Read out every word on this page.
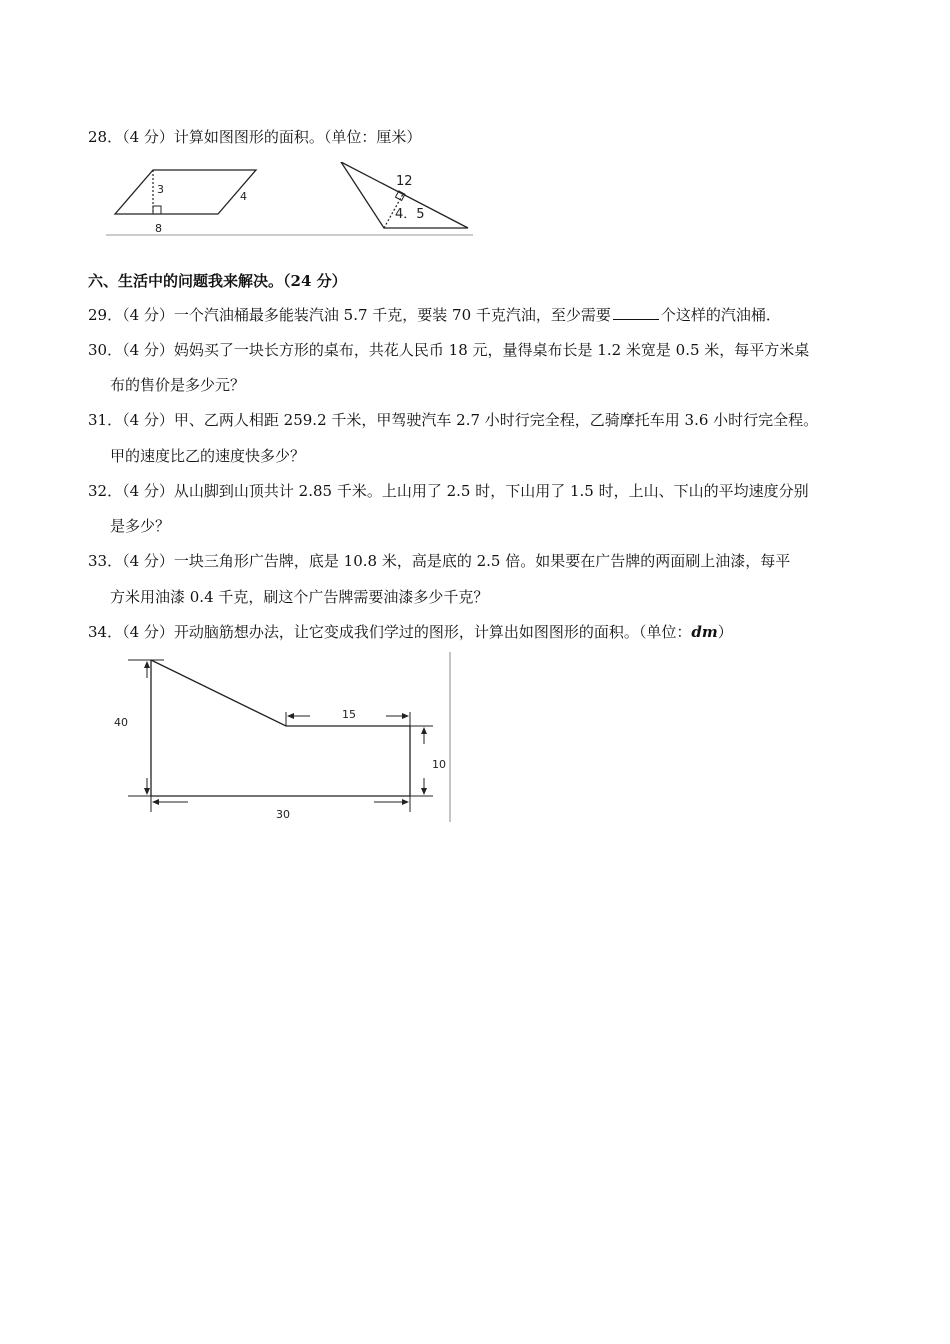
28．（4 分）计算如图图形的面积。（单位：厘米）
3
4
8
12
4．5
六、生活中的问题我来解决。（24 分）
29．（4 分）一个汽油桶最多能装汽油 5.7 千克，要装 70 千克汽油，至少需要	个这样的汽油桶．
30．（4 分）妈妈买了一块长方形的桌布，共花人民币 18 元，量得桌布长是 1.2 米宽是 0.5 米，每平方米桌
布的售价是多少元？
31．（4 分）甲、乙两人相距 259.2 千米，甲驾驶汽车 2.7 小时行完全程，乙骑摩托车用 3.6 小时行完全程。
甲的速度比乙的速度快多少？
32．（4 分）从山脚到山顶共计 2.85 千米。上山用了 2.5 时，下山用了 1.5 时，上山、下山的平均速度分别
是多少？
33．（4 分）一块三角形广告牌，底是 10.8 米，高是底的 2.5 倍。如果要在广告牌的两面刷上油漆，每平
方米用油漆 0.4 千克，刷这个广告牌需要油漆多少千克？
34．（4 分）开动脑筋想办法，让它变成我们学过的图形，计算出如图图形的面积。（单位：dm）
40
15
10
30
